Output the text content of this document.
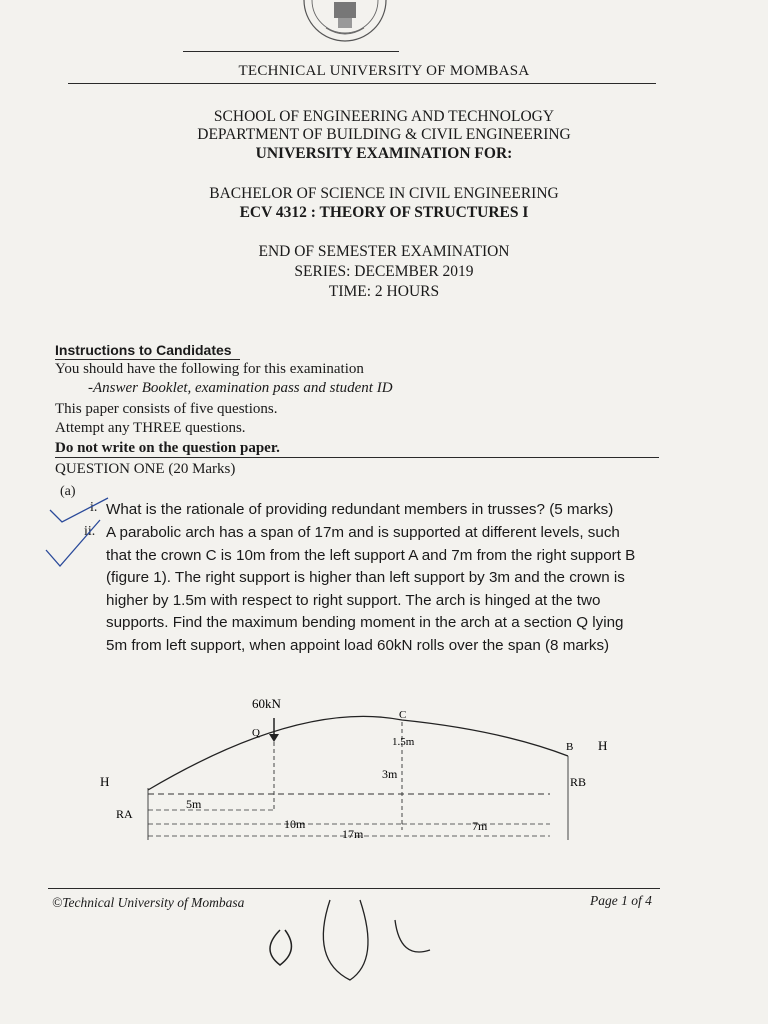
TECHNICAL UNIVERSITY OF MOMBASA
SCHOOL OF ENGINEERING AND TECHNOLOGY
DEPARTMENT OF BUILDING & CIVIL ENGINEERING
UNIVERSITY EXAMINATION FOR:
BACHELOR OF SCIENCE IN CIVIL ENGINEERING
ECV 4312 : THEORY OF STRUCTURES I
END OF SEMESTER EXAMINATION
SERIES: DECEMBER 2019
TIME: 2 HOURS
Instructions to Candidates
You should have the following for this examination
-Answer Booklet, examination pass and student ID
This paper consists of five questions.
Attempt any THREE questions.
Do not write on the question paper.
QUESTION ONE (20 Marks)
(a)
i. What is the rationale of providing redundant members in trusses? (5 marks)
ii. A parabolic arch has a span of 17m and is supported at different levels, such that the crown C is 10m from the left support A and 7m from the right support B (figure 1). The right support is higher than left support by 3m and the crown is higher by 1.5m with respect to right support. The arch is hinged at the two supports. Find the maximum bending moment in the arch at a section Q lying 5m from left support, when appoint load 60kN rolls over the span (8 marks)
60kN
Q
C
1.5m
3m
B H
RB
H
RA
5m
10m	7m
17m
©Technical University of Mombasa	Page 1 of 4
